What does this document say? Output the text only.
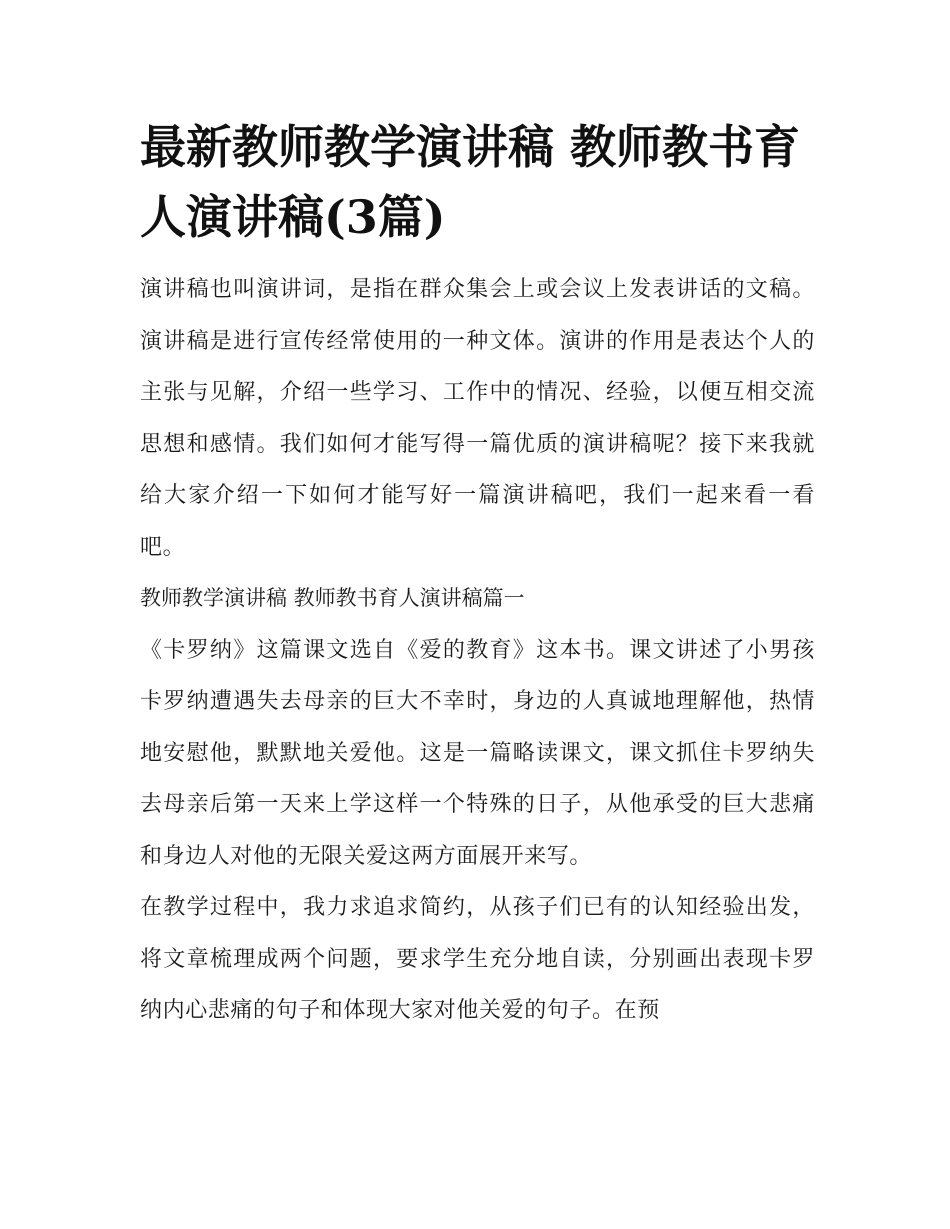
最新教师教学演讲稿 教师教书育人演讲稿(3篇)

演讲稿也叫演讲词，是指在群众集会上或会议上发表讲话的文稿。演讲稿是进行宣传经常使用的一种文体。演讲的作用是表达个人的主张与见解，介绍一些学习、工作中的情况、经验，以便互相交流思想和感情。我们如何才能写得一篇优质的演讲稿呢？接下来我就给大家介绍一下如何才能写好一篇演讲稿吧，我们一起来看一看吧。

教师教学演讲稿 教师教书育人演讲稿篇一

《卡罗纳》这篇课文选自《爱的教育》这本书。课文讲述了小男孩卡罗纳遭遇失去母亲的巨大不幸时，身边的人真诚地理解他，热情地安慰他，默默地关爱他。这是一篇略读课文，课文抓住卡罗纳失去母亲后第一天来上学这样一个特殊的日子，从他承受的巨大悲痛和身边人对他的无限关爱这两方面展开来写。

在教学过程中，我力求追求简约，从孩子们已有的认知经验出发，将文章梳理成两个问题，要求学生充分地自读，分别画出表现卡罗纳内心悲痛的句子和体现大家对他关爱的句子。在预
